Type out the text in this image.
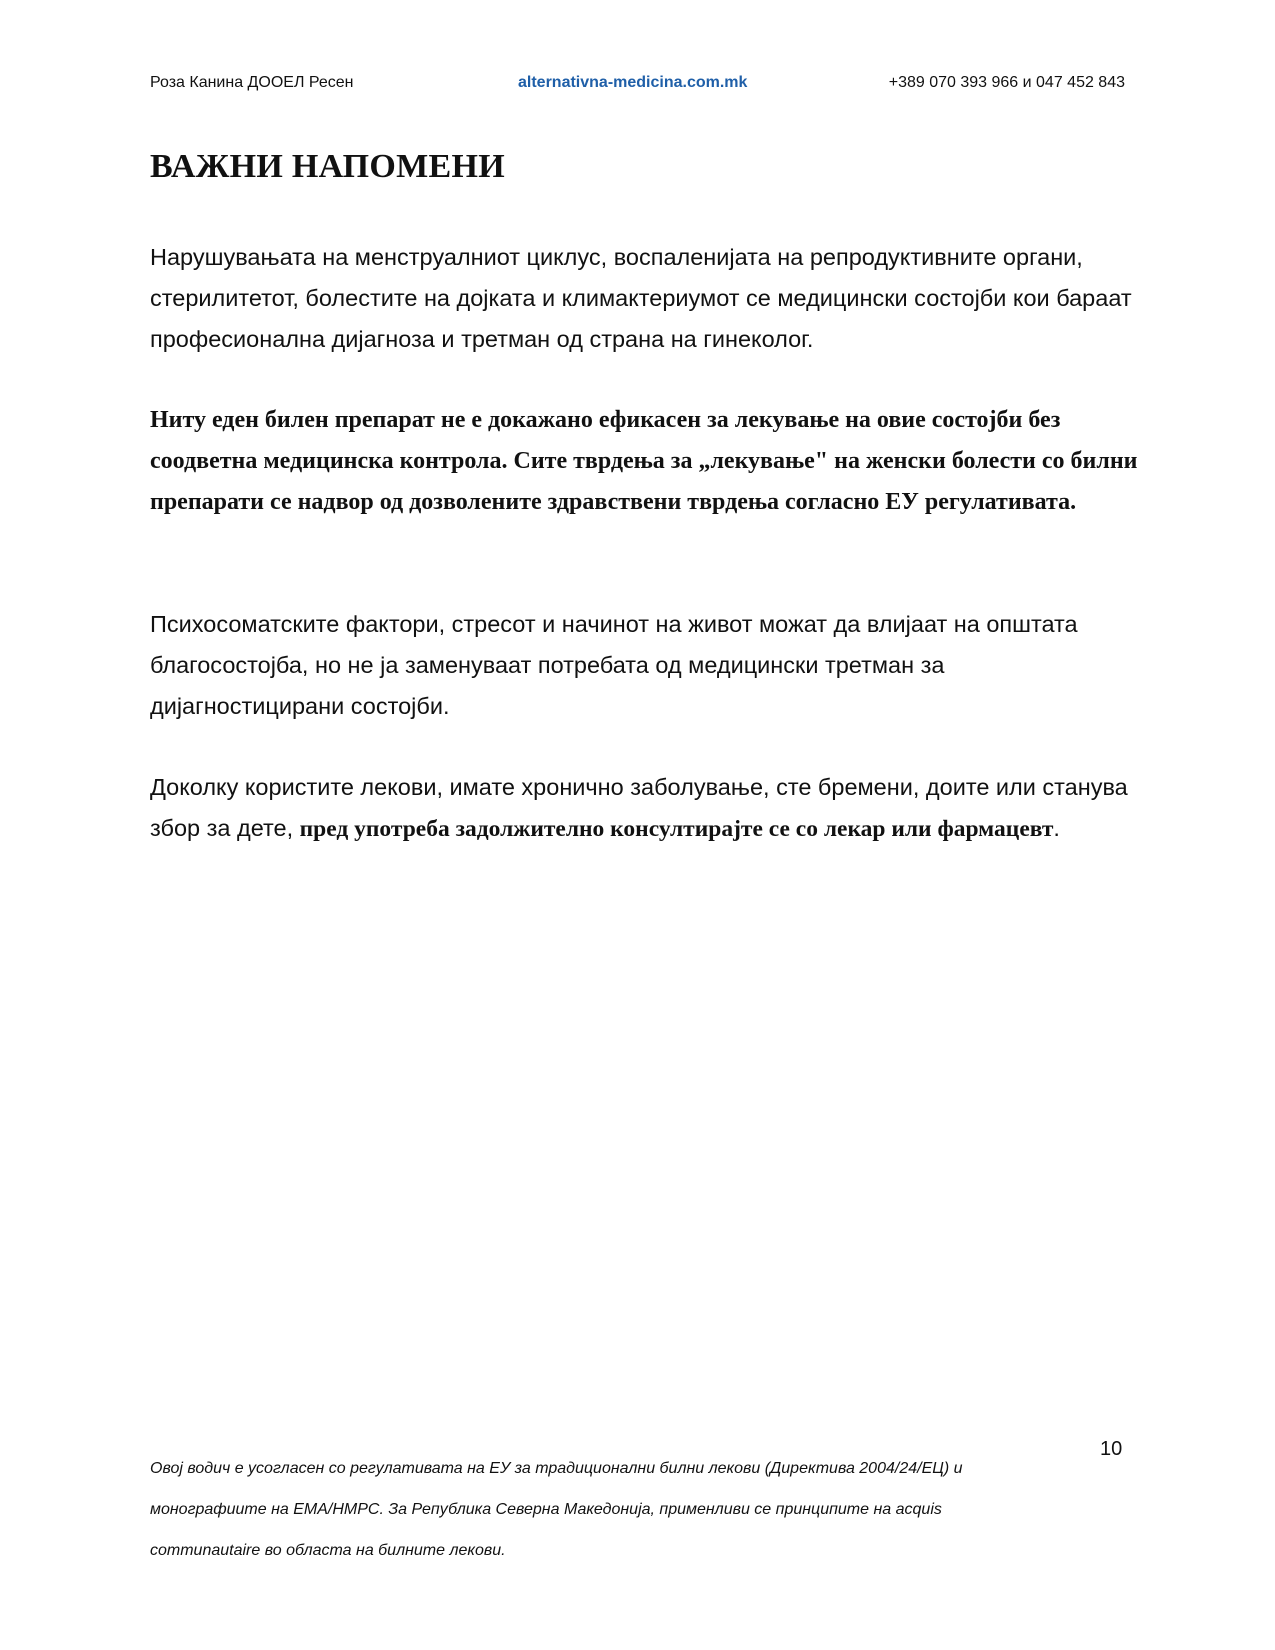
Роза Канина ДООЕЛ Ресен	alternativna-medicina.com.mk	+389 070 393 966 и 047 452 843
ВАЖНИ НАПОМЕНИ

Нарушувањата на менструалниот циклус, воспаленијата на репродуктивните органи, стерилитетот, болестите на дојката и климактериумот се медицински состојби кои бараат професионална дијагноза и третман од страна на гинеколог.

Ниту еден билен препарат не е докажано ефикасен за лекување на овие состојби без соодветна медицинска контрола. Сите тврдења за „лекување" на женски болести со билни препарати се надвор од дозволените здравствени тврдења согласно ЕУ регулативата.

Психосоматските фактори, стресот и начинот на живот можат да влијаат на општата благосостојба, но не ја заменуваат потребата од медицински третман за дијагностицирани состојби.

Доколку користите лекови, имате хронично заболување, сте бремени, доите или станува збор за дете, пред употреба задолжително консултирајте се со лекар или фармацевт.

10

Овој водич е усогласен со регулативата на ЕУ за традиционални билни лекови (Директива 2004/24/ЕЦ) и монографиите на ЕМА/HMPC. За Република Северна Македонија, применливи се принципите на acquis communautaire во областа на билните лекови.
